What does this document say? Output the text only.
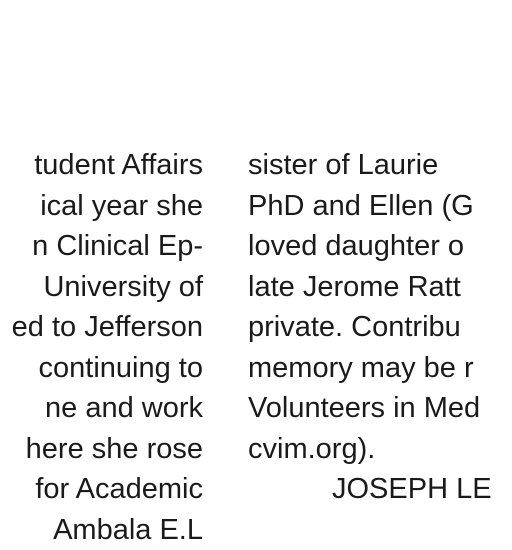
tudent Affairs
ical year she
n Clinical Ep-
University of
ed to Jefferson
continuing to
ne and work
here she rose
for Academic
Ambala E.L
sister of Laurie
PhD and Ellen (G
loved daughter o
late Jerome Ratt
private. Contribu
memory may be r
Volunteers in Med
cvim.org).
JOSEPH LE
